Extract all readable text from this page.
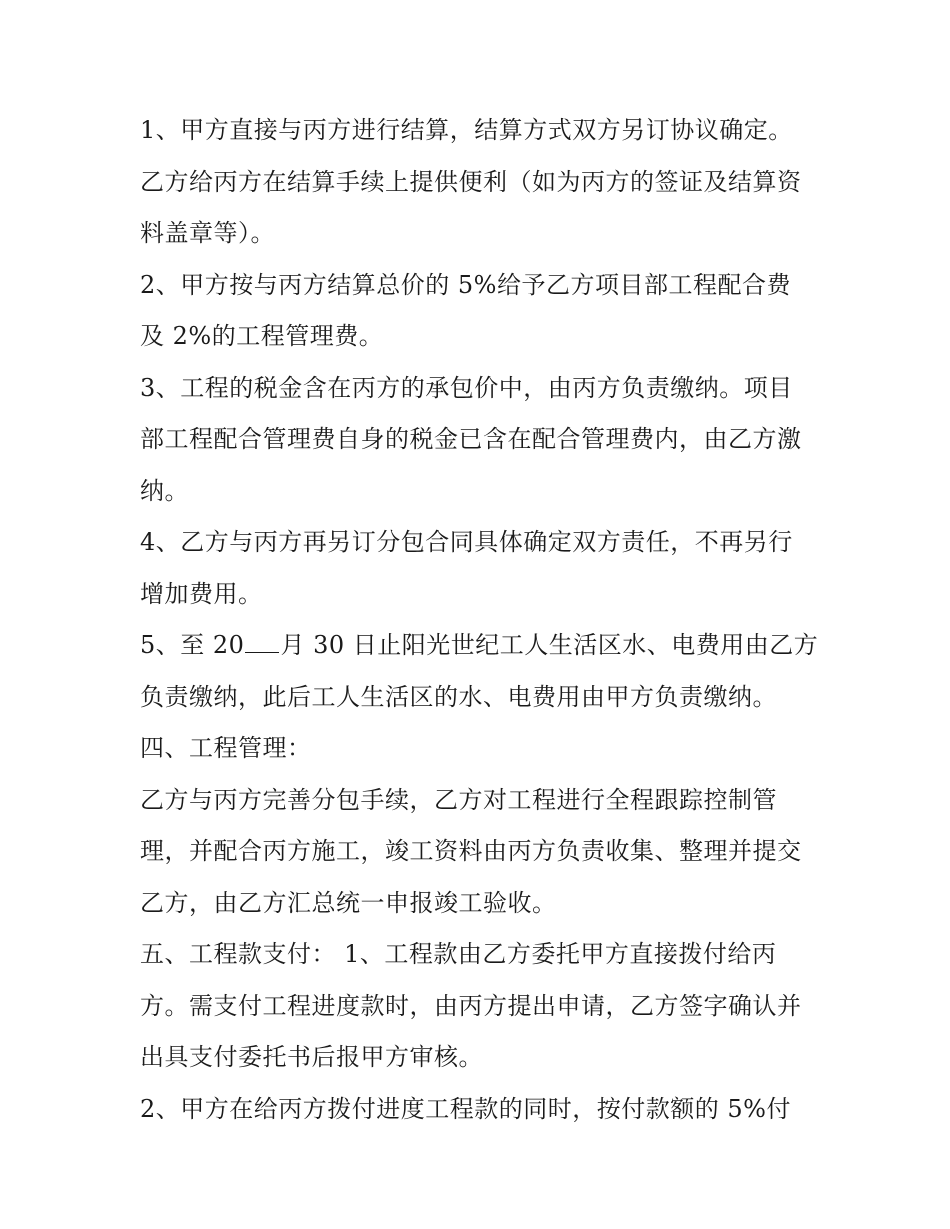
1、甲方直接与丙方进行结算，结算方式双方另订协议确定。
乙方给丙方在结算手续上提供便利（如为丙方的签证及结算资
料盖章等）。
2、甲方按与丙方结算总价的 5%给予乙方项目部工程配合费
及 2%的工程管理费。
3、工程的税金含在丙方的承包价中，由丙方负责缴纳。项目
部工程配合管理费自身的税金已含在配合管理费内，由乙方激
纳。
4、乙方与丙方再另订分包合同具体确定双方责任，不再另行
增加费用。
5、至 20 月 30 日止阳光世纪工人生活区水、电费用由乙方
负责缴纳，此后工人生活区的水、电费用由甲方负责缴纳。
四、工程管理：
乙方与丙方完善分包手续，乙方对工程进行全程跟踪控制管
理，并配合丙方施工，竣工资料由丙方负责收集、整理并提交
乙方，由乙方汇总统一申报竣工验收。
五、工程款支付： 1、工程款由乙方委托甲方直接拨付给丙
方。需支付工程进度款时，由丙方提出申请，乙方签字确认并
出具支付委托书后报甲方审核。
2、甲方在给丙方拨付进度工程款的同时，按付款额的 5%付
